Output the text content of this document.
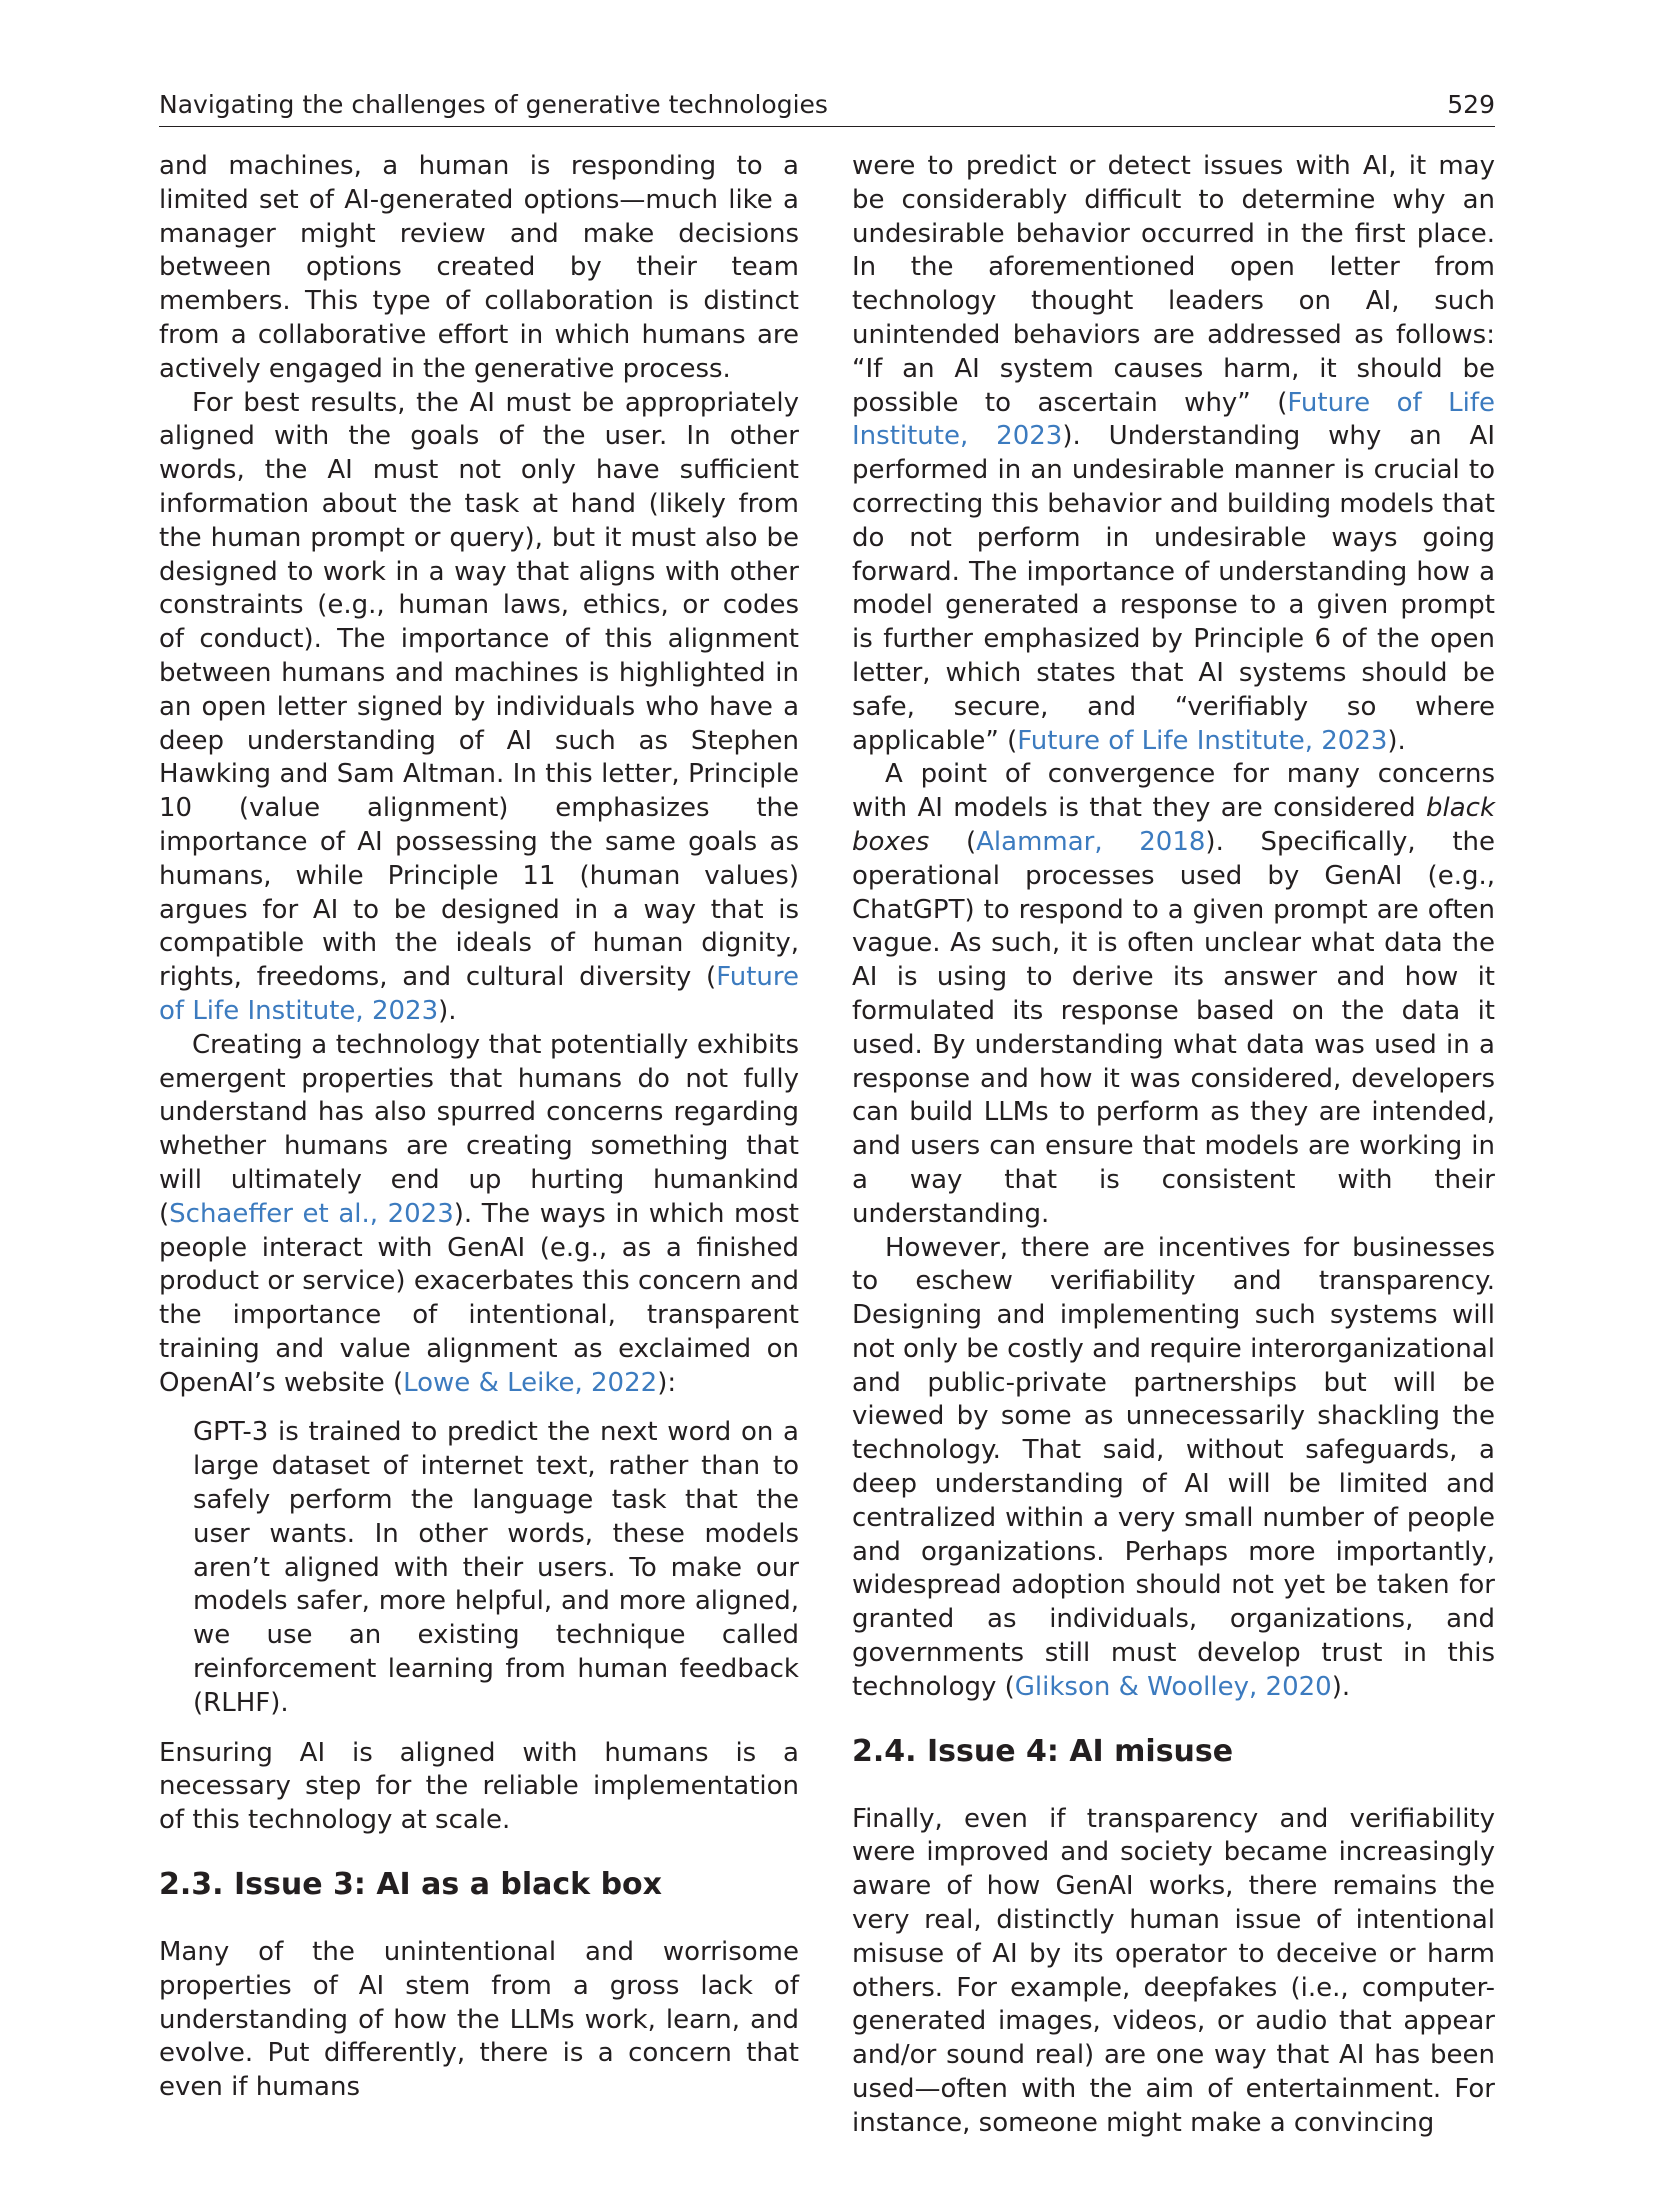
Navigating the challenges of generative technologies	529

and machines, a human is responding to a limited set of AI-generated options—much like a manager might review and make decisions between options created by their team members. This type of collaboration is distinct from a collaborative effort in which humans are actively engaged in the generative process.

For best results, the AI must be appropriately aligned with the goals of the user. In other words, the AI must not only have sufficient information about the task at hand (likely from the human prompt or query), but it must also be designed to work in a way that aligns with other constraints (e.g., human laws, ethics, or codes of conduct). The importance of this alignment between humans and machines is highlighted in an open letter signed by individuals who have a deep understanding of AI such as Stephen Hawking and Sam Altman. In this letter, Principle 10 (value alignment) emphasizes the importance of AI possessing the same goals as humans, while Principle 11 (human values) argues for AI to be designed in a way that is compatible with the ideals of human dignity, rights, freedoms, and cultural diversity (Future of Life Institute, 2023).

Creating a technology that potentially exhibits emergent properties that humans do not fully understand has also spurred concerns regarding whether humans are creating something that will ultimately end up hurting humankind (Schaeffer et al., 2023). The ways in which most people interact with GenAI (e.g., as a finished product or service) exacerbates this concern and the importance of intentional, transparent training and value alignment as exclaimed on OpenAI’s website (Lowe & Leike, 2022):

GPT-3 is trained to predict the next word on a large dataset of internet text, rather than to safely perform the language task that the user wants. In other words, these models aren’t aligned with their users. To make our models safer, more helpful, and more aligned, we use an existing technique called reinforcement learning from human feedback (RLHF).

Ensuring AI is aligned with humans is a necessary step for the reliable implementation of this technology at scale.

2.3. Issue 3: AI as a black box

Many of the unintentional and worrisome properties of AI stem from a gross lack of understanding of how the LLMs work, learn, and evolve. Put differently, there is a concern that even if humans

were to predict or detect issues with AI, it may be considerably difficult to determine why an undesirable behavior occurred in the first place. In the aforementioned open letter from technology thought leaders on AI, such unintended behaviors are addressed as follows: “If an AI system causes harm, it should be possible to ascertain why” (Future of Life Institute, 2023). Understanding why an AI performed in an undesirable manner is crucial to correcting this behavior and building models that do not perform in undesirable ways going forward. The importance of understanding how a model generated a response to a given prompt is further emphasized by Principle 6 of the open letter, which states that AI systems should be safe, secure, and “verifiably so where applicable” (Future of Life Institute, 2023).

A point of convergence for many concerns with AI models is that they are considered black boxes (Alammar, 2018). Specifically, the operational processes used by GenAI (e.g., ChatGPT) to respond to a given prompt are often vague. As such, it is often unclear what data the AI is using to derive its answer and how it formulated its response based on the data it used. By understanding what data was used in a response and how it was considered, developers can build LLMs to perform as they are intended, and users can ensure that models are working in a way that is consistent with their understanding.

However, there are incentives for businesses to eschew verifiability and transparency. Designing and implementing such systems will not only be costly and require interorganizational and public-private partnerships but will be viewed by some as unnecessarily shackling the technology. That said, without safeguards, a deep understanding of AI will be limited and centralized within a very small number of people and organizations. Perhaps more importantly, widespread adoption should not yet be taken for granted as individuals, organizations, and governments still must develop trust in this technology (Glikson & Woolley, 2020).

2.4. Issue 4: AI misuse

Finally, even if transparency and verifiability were improved and society became increasingly aware of how GenAI works, there remains the very real, distinctly human issue of intentional misuse of AI by its operator to deceive or harm others. For example, deepfakes (i.e., computer-generated images, videos, or audio that appear and/or sound real) are one way that AI has been used—often with the aim of entertainment. For instance, someone might make a convincing
